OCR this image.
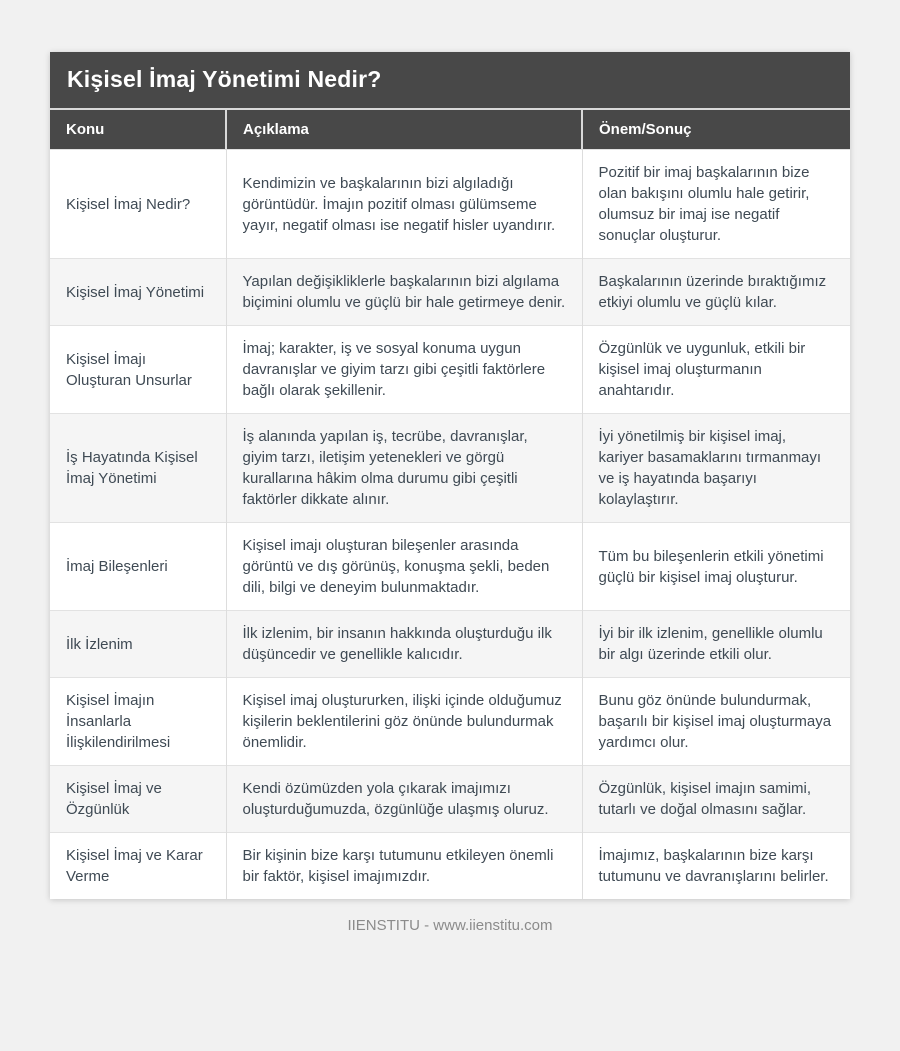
Kişisel İmaj Yönetimi Nedir?
Konu	Açıklama	Önem/Sonuç
Kişisel İmaj Nedir?	Kendimizin ve başkalarının bizi algıladığı görüntüdür. İmajın pozitif olması gülümseme yayır, negatif olması ise negatif hisler uyandırır.	Pozitif bir imaj başkalarının bize olan bakışını olumlu hale getirir, olumsuz bir imaj ise negatif sonuçlar oluşturur.
Kişisel İmaj Yönetimi	Yapılan değişikliklerle başkalarının bizi algılama biçimini olumlu ve güçlü bir hale getirmeye denir.	Başkalarının üzerinde bıraktığımız etkiyi olumlu ve güçlü kılar.
Kişisel İmajı Oluşturan Unsurlar	İmaj; karakter, iş ve sosyal konuma uygun davranışlar ve giyim tarzı gibi çeşitli faktörlere bağlı olarak şekillenir.	Özgünlük ve uygunluk, etkili bir kişisel imaj oluşturmanın anahtarıdır.
İş Hayatında Kişisel İmaj Yönetimi	İş alanında yapılan iş, tecrübe, davranışlar, giyim tarzı, iletişim yetenekleri ve görgü kurallarına hâkim olma durumu gibi çeşitli faktörler dikkate alınır.	İyi yönetilmiş bir kişisel imaj, kariyer basamaklarını tırmanmayı ve iş hayatında başarıyı kolaylaştırır.
İmaj Bileşenleri	Kişisel imajı oluşturan bileşenler arasında görüntü ve dış görünüş, konuşma şekli, beden dili, bilgi ve deneyim bulunmaktadır.	Tüm bu bileşenlerin etkili yönetimi güçlü bir kişisel imaj oluşturur.
İlk İzlenim	İlk izlenim, bir insanın hakkında oluşturduğu ilk düşüncedir ve genellikle kalıcıdır.	İyi bir ilk izlenim, genellikle olumlu bir algı üzerinde etkili olur.
Kişisel İmajın İnsanlarla İlişkilendirilmesi	Kişisel imaj oluştururken, ilişki içinde olduğumuz kişilerin beklentilerini göz önünde bulundurmak önemlidir.	Bunu göz önünde bulundurmak, başarılı bir kişisel imaj oluşturmaya yardımcı olur.
Kişisel İmaj ve Özgünlük	Kendi özümüzden yola çıkarak imajımızı oluşturduğumuzda, özgünlüğe ulaşmış oluruz.	Özgünlük, kişisel imajın samimi, tutarlı ve doğal olmasını sağlar.
Kişisel İmaj ve Karar Verme	Bir kişinin bize karşı tutumunu etkileyen önemli bir faktör, kişisel imajımızdır.	İmajımız, başkalarının bize karşı tutumunu ve davranışlarını belirler.
IIENSTITU - www.iienstitu.com
